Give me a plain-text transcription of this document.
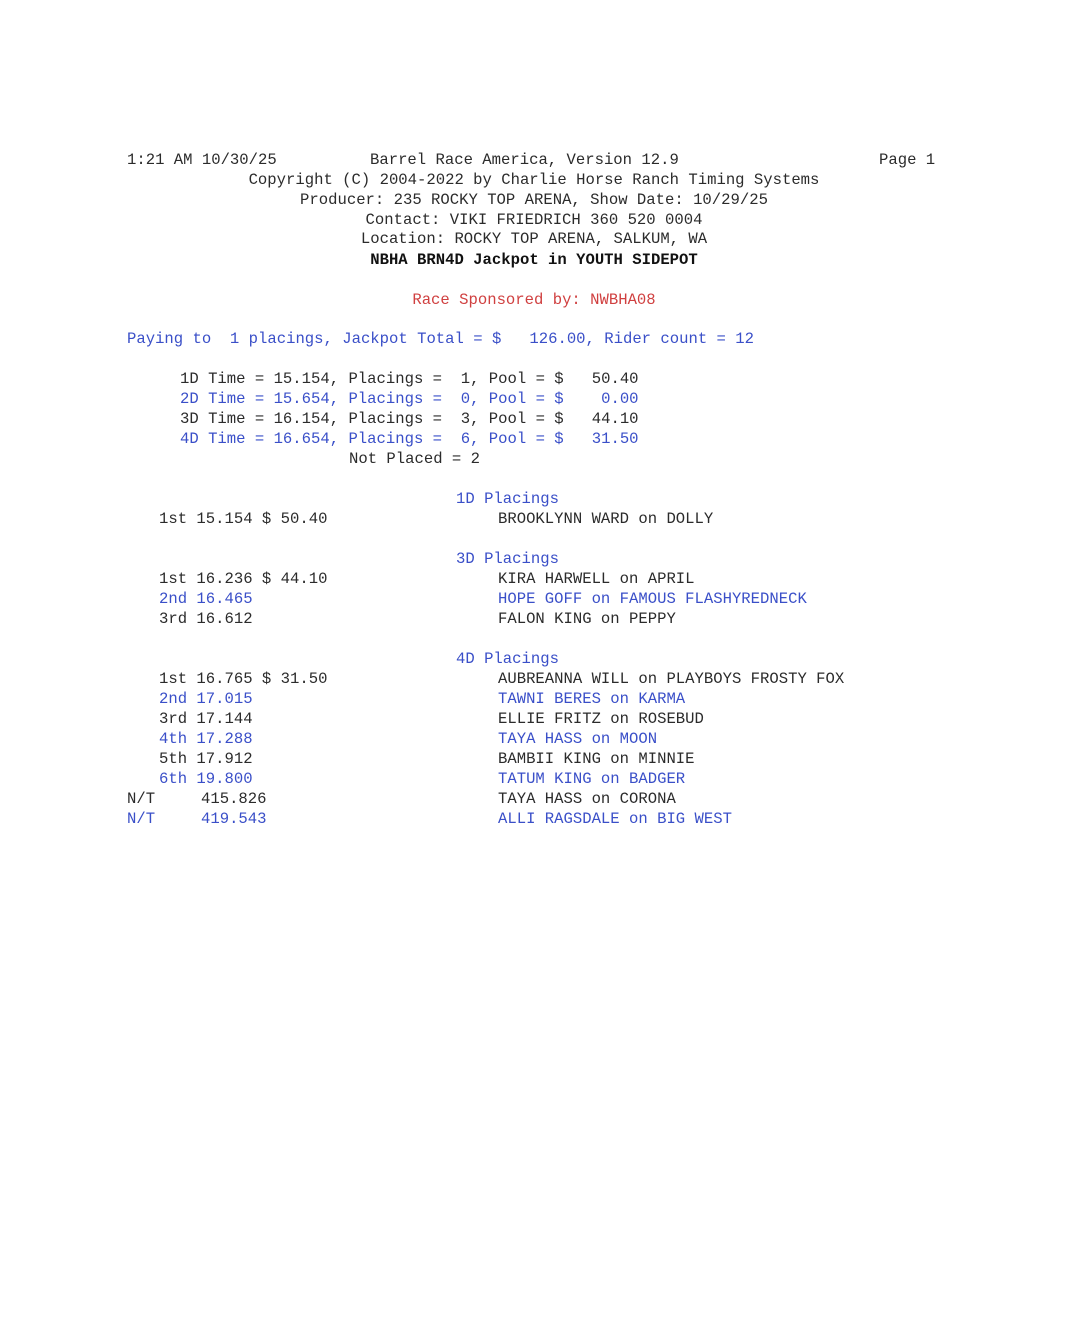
1:21 AM 10/30/25	Barrel Race America, Version 12.9	Page 1
Copyright (C) 2004-2022 by Charlie Horse Ranch Timing Systems
Producer: 235 ROCKY TOP ARENA, Show Date: 10/29/25
Contact: VIKI FRIEDRICH 360 520 0004
Location: ROCKY TOP ARENA, SALKUM, WA
NBHA BRN4D Jackpot in YOUTH SIDEPOT
Race Sponsored by: NWBHA08
Paying to  1 placings, Jackpot Total = $   126.00, Rider count = 12
1D Time = 15.154, Placings =  1, Pool = $   50.40
2D Time = 15.654, Placings =  0, Pool = $    0.00
3D Time = 16.154, Placings =  3, Pool = $   44.10
4D Time = 16.654, Placings =  6, Pool = $   31.50
Not Placed = 2
1D Placings
1st 15.154 $ 50.40	BROOKLYNN WARD on DOLLY
3D Placings
1st 16.236 $ 44.10	KIRA HARWELL on APRIL
2nd 16.465	HOPE GOFF on FAMOUS FLASHYREDNECK
3rd 16.612	FALON KING on PEPPY
4D Placings
1st 16.765 $ 31.50	AUBREANNA WILL on PLAYBOYS FROSTY FOX
2nd 17.015	TAWNI BERES on KARMA
3rd 17.144	ELLIE FRITZ on ROSEBUD
4th 17.288	TAYA HASS on MOON
5th 17.912	BAMBII KING on MINNIE
6th 19.800	TATUM KING on BADGER
N/T	415.826	TAYA HASS on CORONA
N/T	419.543	ALLI RAGSDALE on BIG WEST
